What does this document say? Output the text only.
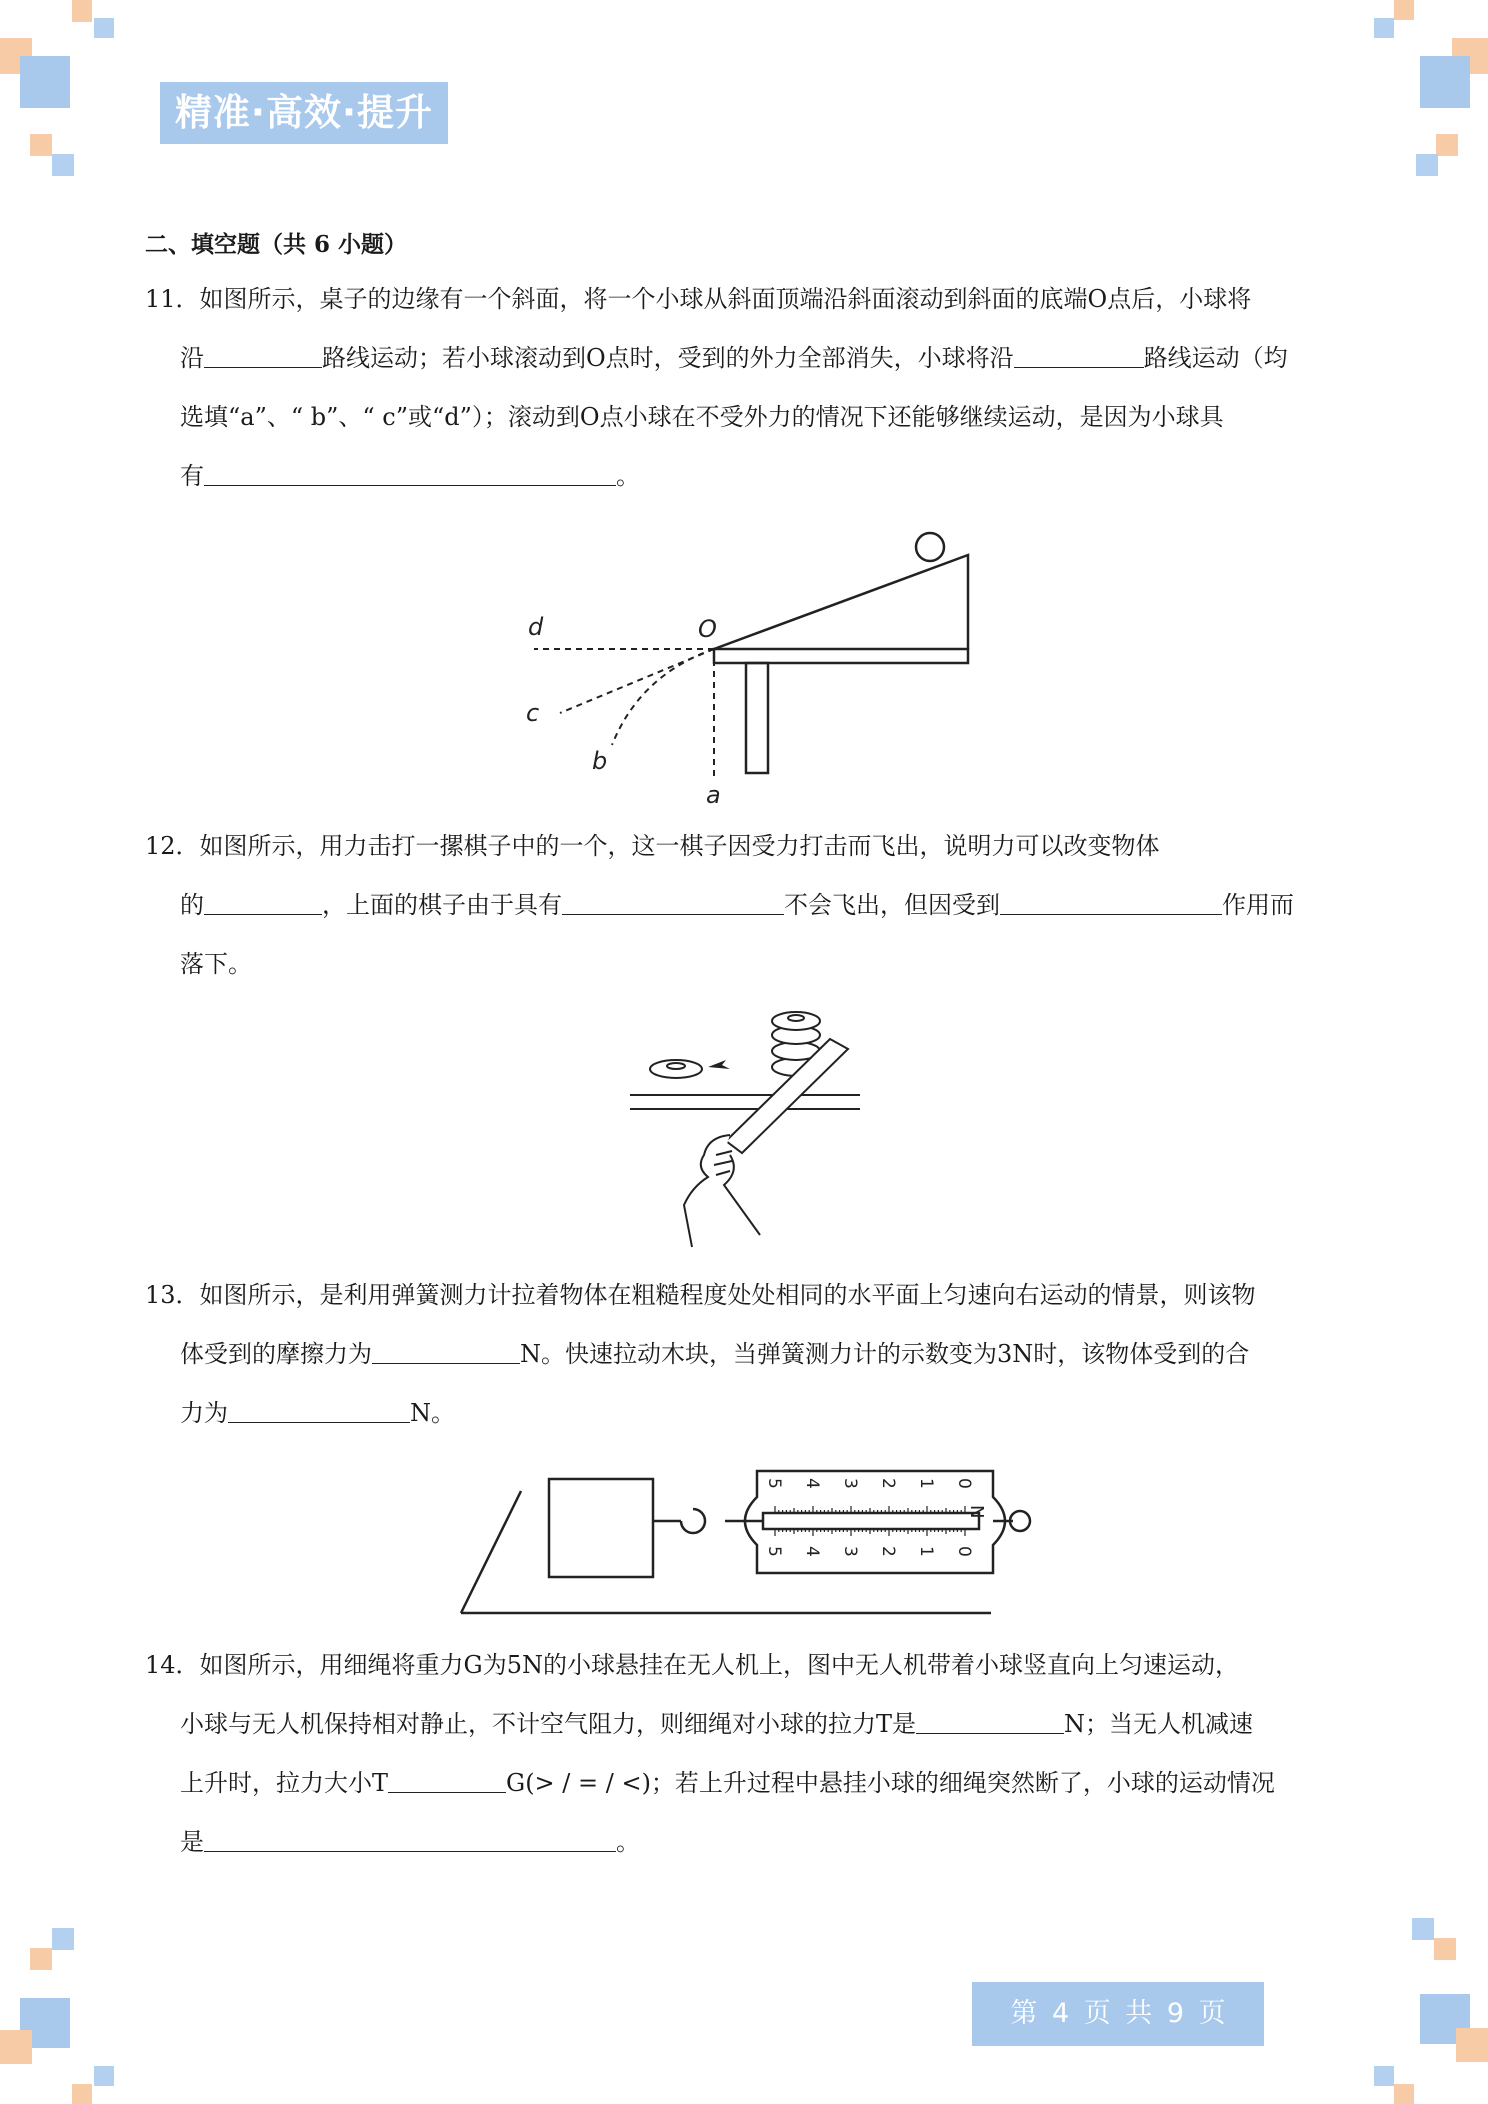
精准·高效·提升
二、填空题（共 6 小题）
11．如图所示，桌子的边缘有一个斜面，将一个小球从斜面顶端沿斜面滚动到斜面的底端O点后，小球将
沿	路线运动；若小球滚动到O点时，受到的外力全部消失，小球将沿	路线运动（均
选填“a”、“ b”、“ c”或“d”）；滚动到O点小球在不受外力的情况下还能够继续运动，是因为小球具
有	。
d	O
c
b
a
12．如图所示，用力击打一摞棋子中的一个，这一棋子因受力打击而飞出，说明力可以改变物体
的	，上面的棋子由于具有	不会飞出，但因受到	作用而
落下。
13．如图所示，是利用弹簧测力计拉着物体在粗糙程度处处相同的水平面上匀速向右运动的情景，则该物
体受到的摩擦力为	N。快速拉动木块，当弹簧测力计的示数变为3N时，该物体受到的合
力为	N。
N
0
0
1
1
2
2
3
3
4
4
5
5
14．如图所示，用细绳将重力G为5N的小球悬挂在无人机上，图中无人机带着小球竖直向上匀速运动，
小球与无人机保持相对静止，不计空气阻力，则细绳对小球的拉力T是	N；当无人机减速
上升时，拉力大小T	G(> / = / <)；若上升过程中悬挂小球的细绳突然断了，小球的运动情况
是	。
第 4 页 共 9 页
